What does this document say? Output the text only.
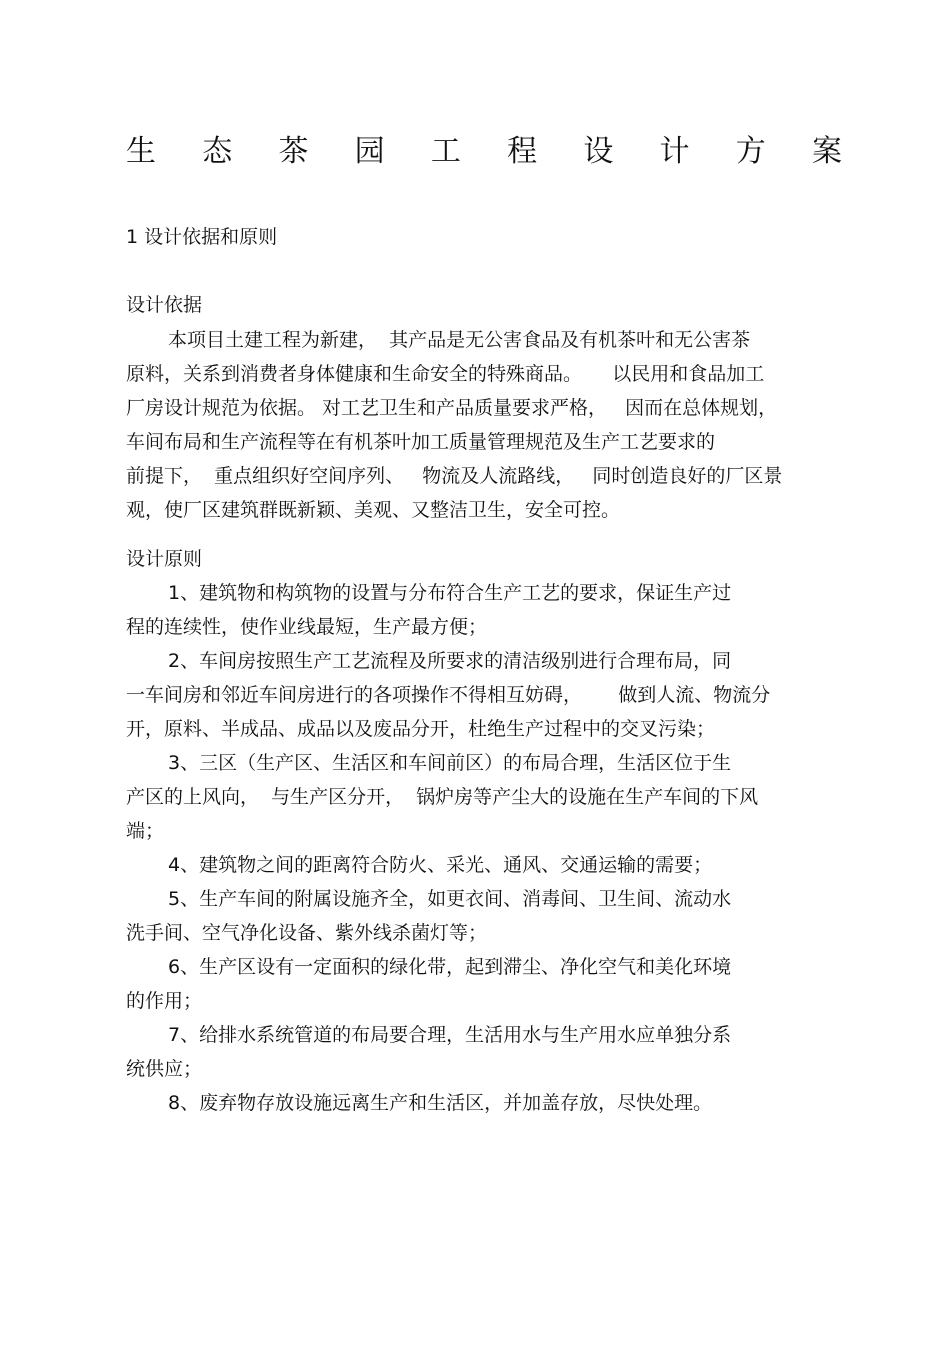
生 态 茶 园 工 程 设 计 方 案
1 设计依据和原则
设计依据

本项目土建工程为新建，  其产品是无公害食品及有机茶叶和无公害茶

原料，关系到消费者身体健康和生命安全的特殊商品。     以民用和食品加工

厂房设计规范为依据。 对工艺卫生和产品质量要求严格，   因而在总体规划，

车间布局和生产流程等在有机茶叶加工质量管理规范及生产工艺要求的

前提下，  重点组织好空间序列、   物流及人流路线，   同时创造良好的厂区景

观，使厂区建筑群既新颖、美观、又整洁卫生，安全可控。

设计原则

1、建筑物和构筑物的设置与分布符合生产工艺的要求，保证生产过

程的连续性，使作业线最短，生产最方便；

2、车间房按照生产工艺流程及所要求的清洁级别进行合理布局，同

一车间房和邻近车间房进行的各项操作不得相互妨碍，      做到人流、物流分

开，原料、半成品、成品以及废品分开，杜绝生产过程中的交叉污染；

3、三区（生产区、生活区和车间前区）的布局合理，生活区位于生

产区的上风向，  与生产区分开，  锅炉房等产尘大的设施在生产车间的下风

端；

4、建筑物之间的距离符合防火、采光、通风、交通运输的需要；

5、生产车间的附属设施齐全，如更衣间、消毒间、卫生间、流动水

洗手间、空气净化设备、紫外线杀菌灯等；

6、生产区设有一定面积的绿化带，起到滞尘、净化空气和美化环境

的作用；

7、给排水系统管道的布局要合理，生活用水与生产用水应单独分系

统供应；

8、废弃物存放设施远离生产和生活区，并加盖存放，尽快处理。
